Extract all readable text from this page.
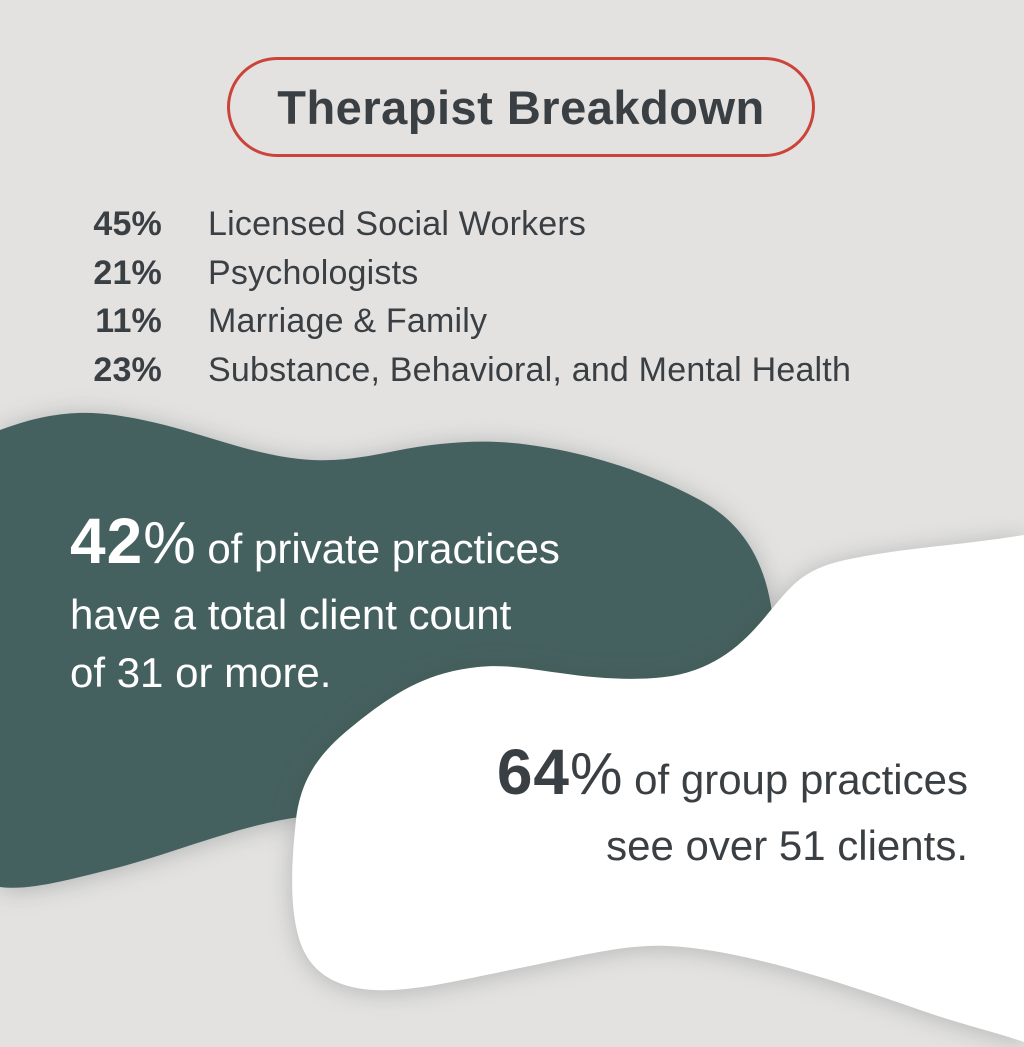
Therapist Breakdown
45% Licensed Social Workers
21% Psychologists
11% Marriage & Family
23% Substance, Behavioral, and Mental Health
42% of private practices
have a total client count
of 31 or more.
64% of group practices
see over 51 clients.
